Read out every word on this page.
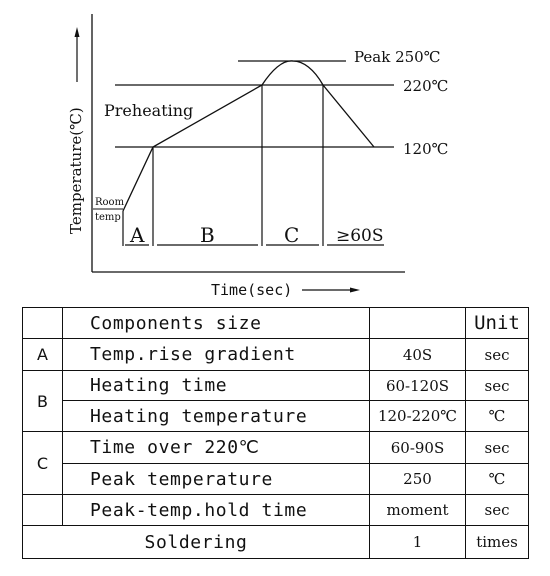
Temperature(℃)
Time(sec)
Peak 250℃
220℃
120℃
A	B	C ≥60S
Preheating
Room
temp
	Components size		Unit
A	Temp.rise gradient	40S	sec
B	Heating time	60-120S	sec
	Heating temperature	120-220℃	℃
C	Time over 220℃	60-90S	sec
	Peak temperature	250	℃
	Peak-temp.hold time	moment	sec
Soldering		1	times
